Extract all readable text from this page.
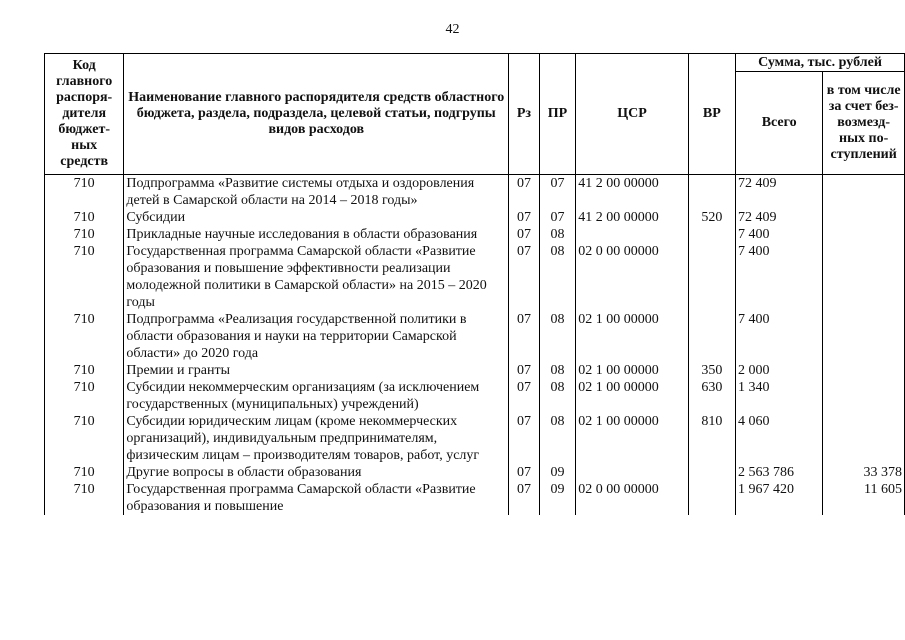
42
Код главного распоря-дителя бюджет-ных средств	Наименование главного распорядителя средств областного бюджета, раздела, подраздела, целевой статьи, подгрупы видов расходов	Рз	ПР	ЦСР	ВР	Сумма, тыс. рублей	
						Всего	в том числе за счет без-возмезд-ных по-ступлений
710	Подпрограмма «Развитие системы отдыха и оздоровления детей в Самарской области на 2014 – 2018 годы»	07	07	41 2 00 00000		72 409	
710	Субсидии	07	07	41 2 00 00000	520	72 409	
710	Прикладные научные исследования в области образования	07	08			7 400	
710	Государственная программа Самарской области «Развитие образования и повышение эффективности реализации молодежной политики в Самарской области» на 2015 – 2020 годы	07	08	02 0 00 00000		7 400	
710	Подпрограмма «Реализация государственной политики в области образования и науки на территории Самарской области» до 2020 года	07	08	02 1 00 00000		7 400	
710	Премии и гранты	07	08	02 1 00 00000	350	2 000	
710	Субсидии некоммерческим организациям (за исключением государственных (муниципальных) учреждений)	07	08	02 1 00 00000	630	1 340	
710	Субсидии юридическим лицам (кроме некоммерческих организаций), индивидуальным предпринимателям, физическим лицам – производителям товаров, работ, услуг	07	08	02 1 00 00000	810	4 060	
710	Другие вопросы в области образования	07	09			2 563 786	33 378
710	Государственная программа Самарской области «Развитие образования и повышение	07	09	02 0 00 00000		1 967 420	11 605
